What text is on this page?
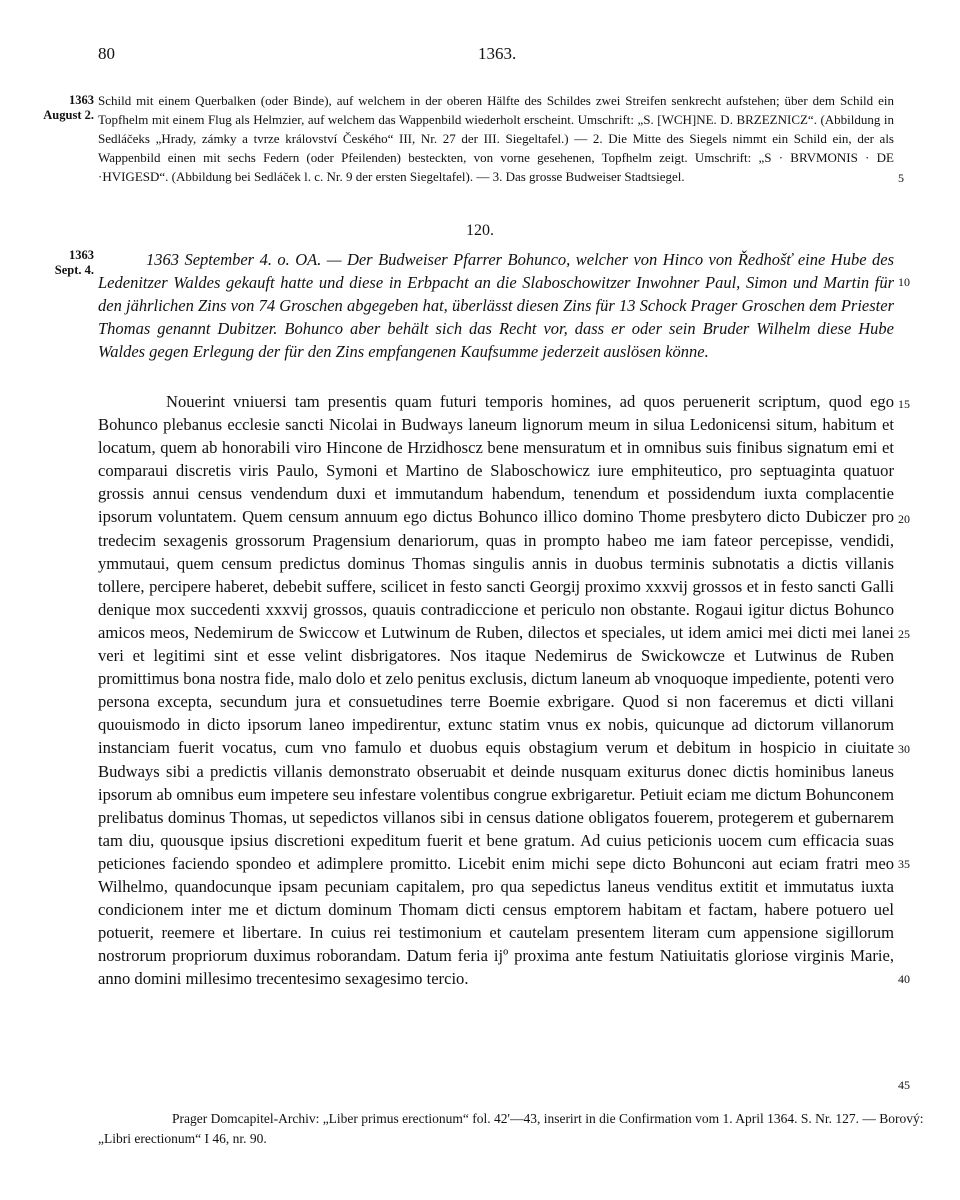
80	1363.
1363
August 2.
1363
Sept. 4.
Schild mit einem Querbalken (oder Binde), auf welchem in der oberen Hälfte des Schildes zwei Streifen senkrecht aufstehen; über dem Schild ein Topfhelm mit einem Flug als Helmzier, auf welchem das Wappenbild wiederholt erscheint. Umschrift: „S. [WCH]NE. D. BRZEZNICZ“. (Abbildung in Sedláčeks „Hrady, zámky a tvrze království Českého“ III, Nr. 27 der III. Siegeltafel.) — 2. Die Mitte des Siegels nimmt ein Schild ein, der als Wappenbild einen mit sechs Federn (oder Pfeilenden) besteckten, von vorne gesehenen, Topfhelm zeigt. Umschrift: „S · BRVMONIS · DE ·HVIGESD“. (Abbildung bei Sedláček l. c. Nr. 9 der ersten Siegeltafel). — 3. Das grosse Budweiser Stadtsiegel.
120.
1363 September 4. o. OA. — Der Budweiser Pfarrer Bohunco, welcher von Hinco von Ředhošť eine Hube des Ledenitzer Waldes gekauft hatte und diese in Erbpacht an die Slaboschowitzer Inwohner Paul, Simon und Martin für den jährlichen Zins von 74 Groschen abgegeben hat, überlässt diesen Zins für 13 Schock Prager Groschen dem Priester Thomas genannt Dubitzer. Bohunco aber behält sich das Recht vor, dass er oder sein Bruder Wilhelm diese Hube Waldes gegen Erlegung der für den Zins empfangenen Kaufsumme jederzeit auslösen könne.
Nouerint vniuersi tam presentis quam futuri temporis homines, ad quos peruenerit scriptum, quod ego Bohunco plebanus ecclesie sancti Nicolai in Budways laneum lignorum meum in silua Ledonicensi situm, habitum et locatum, quem ab honorabili viro Hincone de Hrzidhoscz bene mensuratum et in omnibus suis finibus signatum emi et comparaui discretis viris Paulo, Symoni et Martino de Slaboschowicz iure emphiteutico, pro septuaginta quatuor grossis annui census vendendum duxi et immutandum habendum, tenendum et possidendum iuxta complacentie ipsorum voluntatem. Quem censum annuum ego dictus Bohunco illico domino Thome presbytero dicto Dubiczer pro tredecim sexagenis grossorum Pragensium denariorum, quas in prompto habeo me iam fateor percepisse, vendidi, ymmutaui, quem censum predictus dominus Thomas singulis annis in duobus terminis subnotatis a dictis villanis tollere, percipere haberet, debebit suffere, scilicet in festo sancti Georgij proximo xxxvij grossos et in festo sancti Galli denique mox succedenti xxxvij grossos, quauis contradiccione et periculo non obstante. Rogaui igitur dictus Bohunco amicos meos, Nedemirum de Swiccow et Lutwinum de Ruben, dilectos et speciales, ut idem amici mei dicti mei lanei veri et legitimi sint et esse velint disbrigatores. Nos itaque Nedemirus de Swickowcze et Lutwinus de Ruben promittimus bona nostra fide, malo dolo et zelo penitus exclusis, dictum laneum ab vnoquoque impediente, potenti vero persona excepta, secundum jura et consuetudines terre Boemie exbrigare. Quod si non faceremus et dicti villani quouismodo in dicto ipsorum laneo impedirentur, extunc statim vnus ex nobis, quicunque ad dictorum villanorum instanciam fuerit vocatus, cum vno famulo et duobus equis obstagium verum et debitum in hospicio in ciuitate Budways sibi a predictis villanis demonstrato obseruabit et deinde nusquam exiturus donec dictis hominibus laneus ipsorum ab omnibus eum impetere seu infestare volentibus congrue exbrigaretur. Petiuit eciam me dictum Bohunconem prelibatus dominus Thomas, ut sepedictos villanos sibi in census datione obligatos fouerem, protegerem et gubernarem tam diu, quousque ipsius discretioni expeditum fuerit et bene gratum. Ad cuius peticionis uocem cum efficacia suas peticiones faciendo spondeo et adimplere promitto. Licebit enim michi sepe dicto Bohunconi aut eciam fratri meo Wilhelmo, quandocunque ipsam pecuniam capitalem, pro qua sepedictus laneus venditus extitit et immutatus iuxta condicionem inter me et dictum dominum Thomam dicti census emptorem habitam et factam, habere potuero uel potuerit, reemere et libertare. In cuius rei testimonium et cautelam presentem literam cum appensione sigillorum nostrorum propriorum duximus roborandam. Datum feria ijº proxima ante festum Natiuitatis gloriose virginis Marie, anno domini millesimo trecentesimo sexagesimo tercio.
Prager Domcapitel-Archiv: „Liber primus erectionum“ fol. 42'—43, inserirt in die Confirmation vom 1. April 1364. S. Nr. 127. — Borový: „Libri erectionum“ I 46, nr. 90.
5
10
15
20
25
30
35
40
45
